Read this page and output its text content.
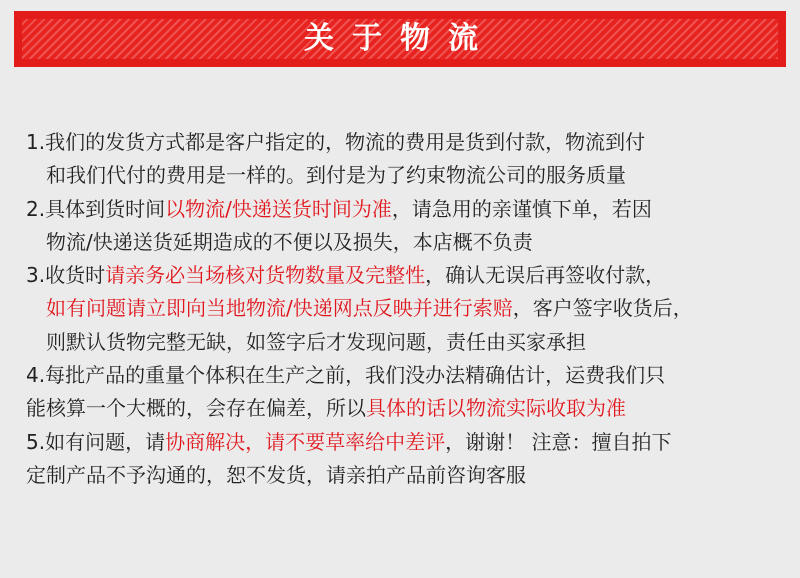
关于物流
1.我们的发货方式都是客户指定的，物流的费用是货到付款，物流到付
和我们代付的费用是一样的。到付是为了约束物流公司的服务质量
2.具体到货时间以物流/快递送货时间为准，请急用的亲谨慎下单，若因
物流/快递送货延期造成的不便以及损失，本店概不负责
3.收货时请亲务必当场核对货物数量及完整性，确认无误后再签收付款，
如有问题请立即向当地物流/快递网点反映并进行索赔，客户签字收货后，
则默认货物完整无缺，如签字后才发现问题，责任由买家承担
4.每批产品的重量个体积在生产之前，我们没办法精确估计，运费我们只
能核算一个大概的，会存在偏差，所以具体的话以物流实际收取为准
5.如有问题，请协商解决，请不要草率给中差评，谢谢！ 注意：擅自拍下
定制产品不予沟通的，恕不发货，请亲拍产品前咨询客服
